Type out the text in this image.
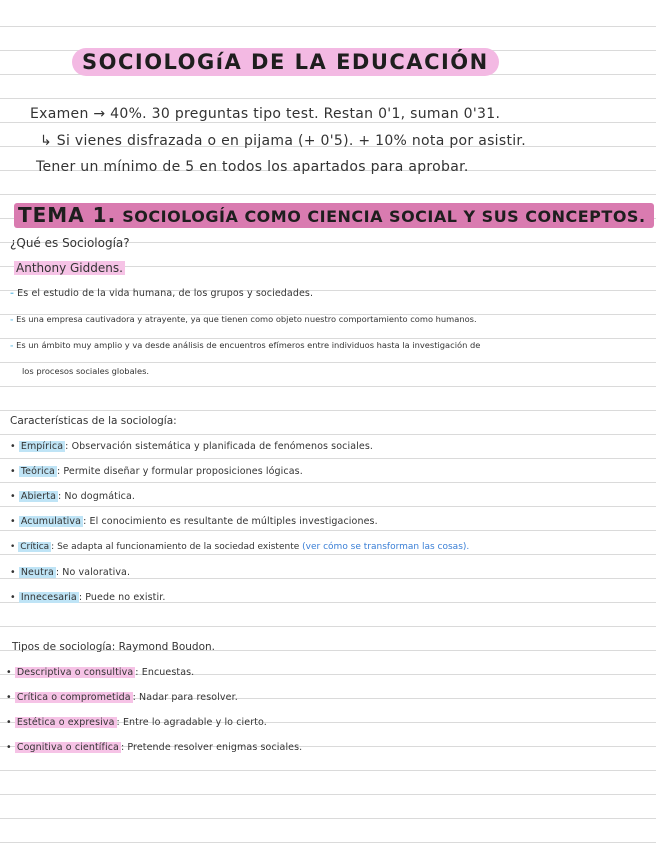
SOCIOLOGíA DE LA EDUCACIÓN
Examen → 40%. 30 preguntas tipo test. Restan 0'1, suman 0'31.
↳ Si vienes disfrazada o en pijama (+ 0'5). + 10% nota por asistir.
Tener un mínimo de 5 en todos los apartados para aprobar.
TEMA 1. SOCIOLOGÍA COMO CIENCIA SOCIAL Y SUS CONCEPTOS.
¿Qué es Sociología?
Anthony Giddens.
- Es el estudio de la vida humana, de los grupos y sociedades.
- Es una empresa cautivadora y atrayente, ya que tienen como objeto nuestro comportamiento como humanos.
- Es un ámbito muy amplio y va desde análisis de encuentros efímeros entre individuos hasta la investigación de
los procesos sociales globales.
Características de la sociología:
• Empírica : Observación sistemática y planificada de fenómenos sociales.
• Teórica : Permite diseñar y formular proposiciones lógicas.
• Abierta : No dogmática.
• Acumulativa : El conocimiento es resultante de múltiples investigaciones.
• Crítica : Se adapta al funcionamiento de la sociedad existente (ver cómo se transforman las cosas).
• Neutra : No valorativa.
• Innecesaria : Puede no existir.
Tipos de sociología: Raymond Boudon.
• Descriptiva o consultiva : Encuestas.
• Crítica o comprometida : Nadar para resolver.
• Estética o expresiva : Entre lo agradable y lo cierto.
• Cognitiva o científica : Pretende resolver enigmas sociales.
